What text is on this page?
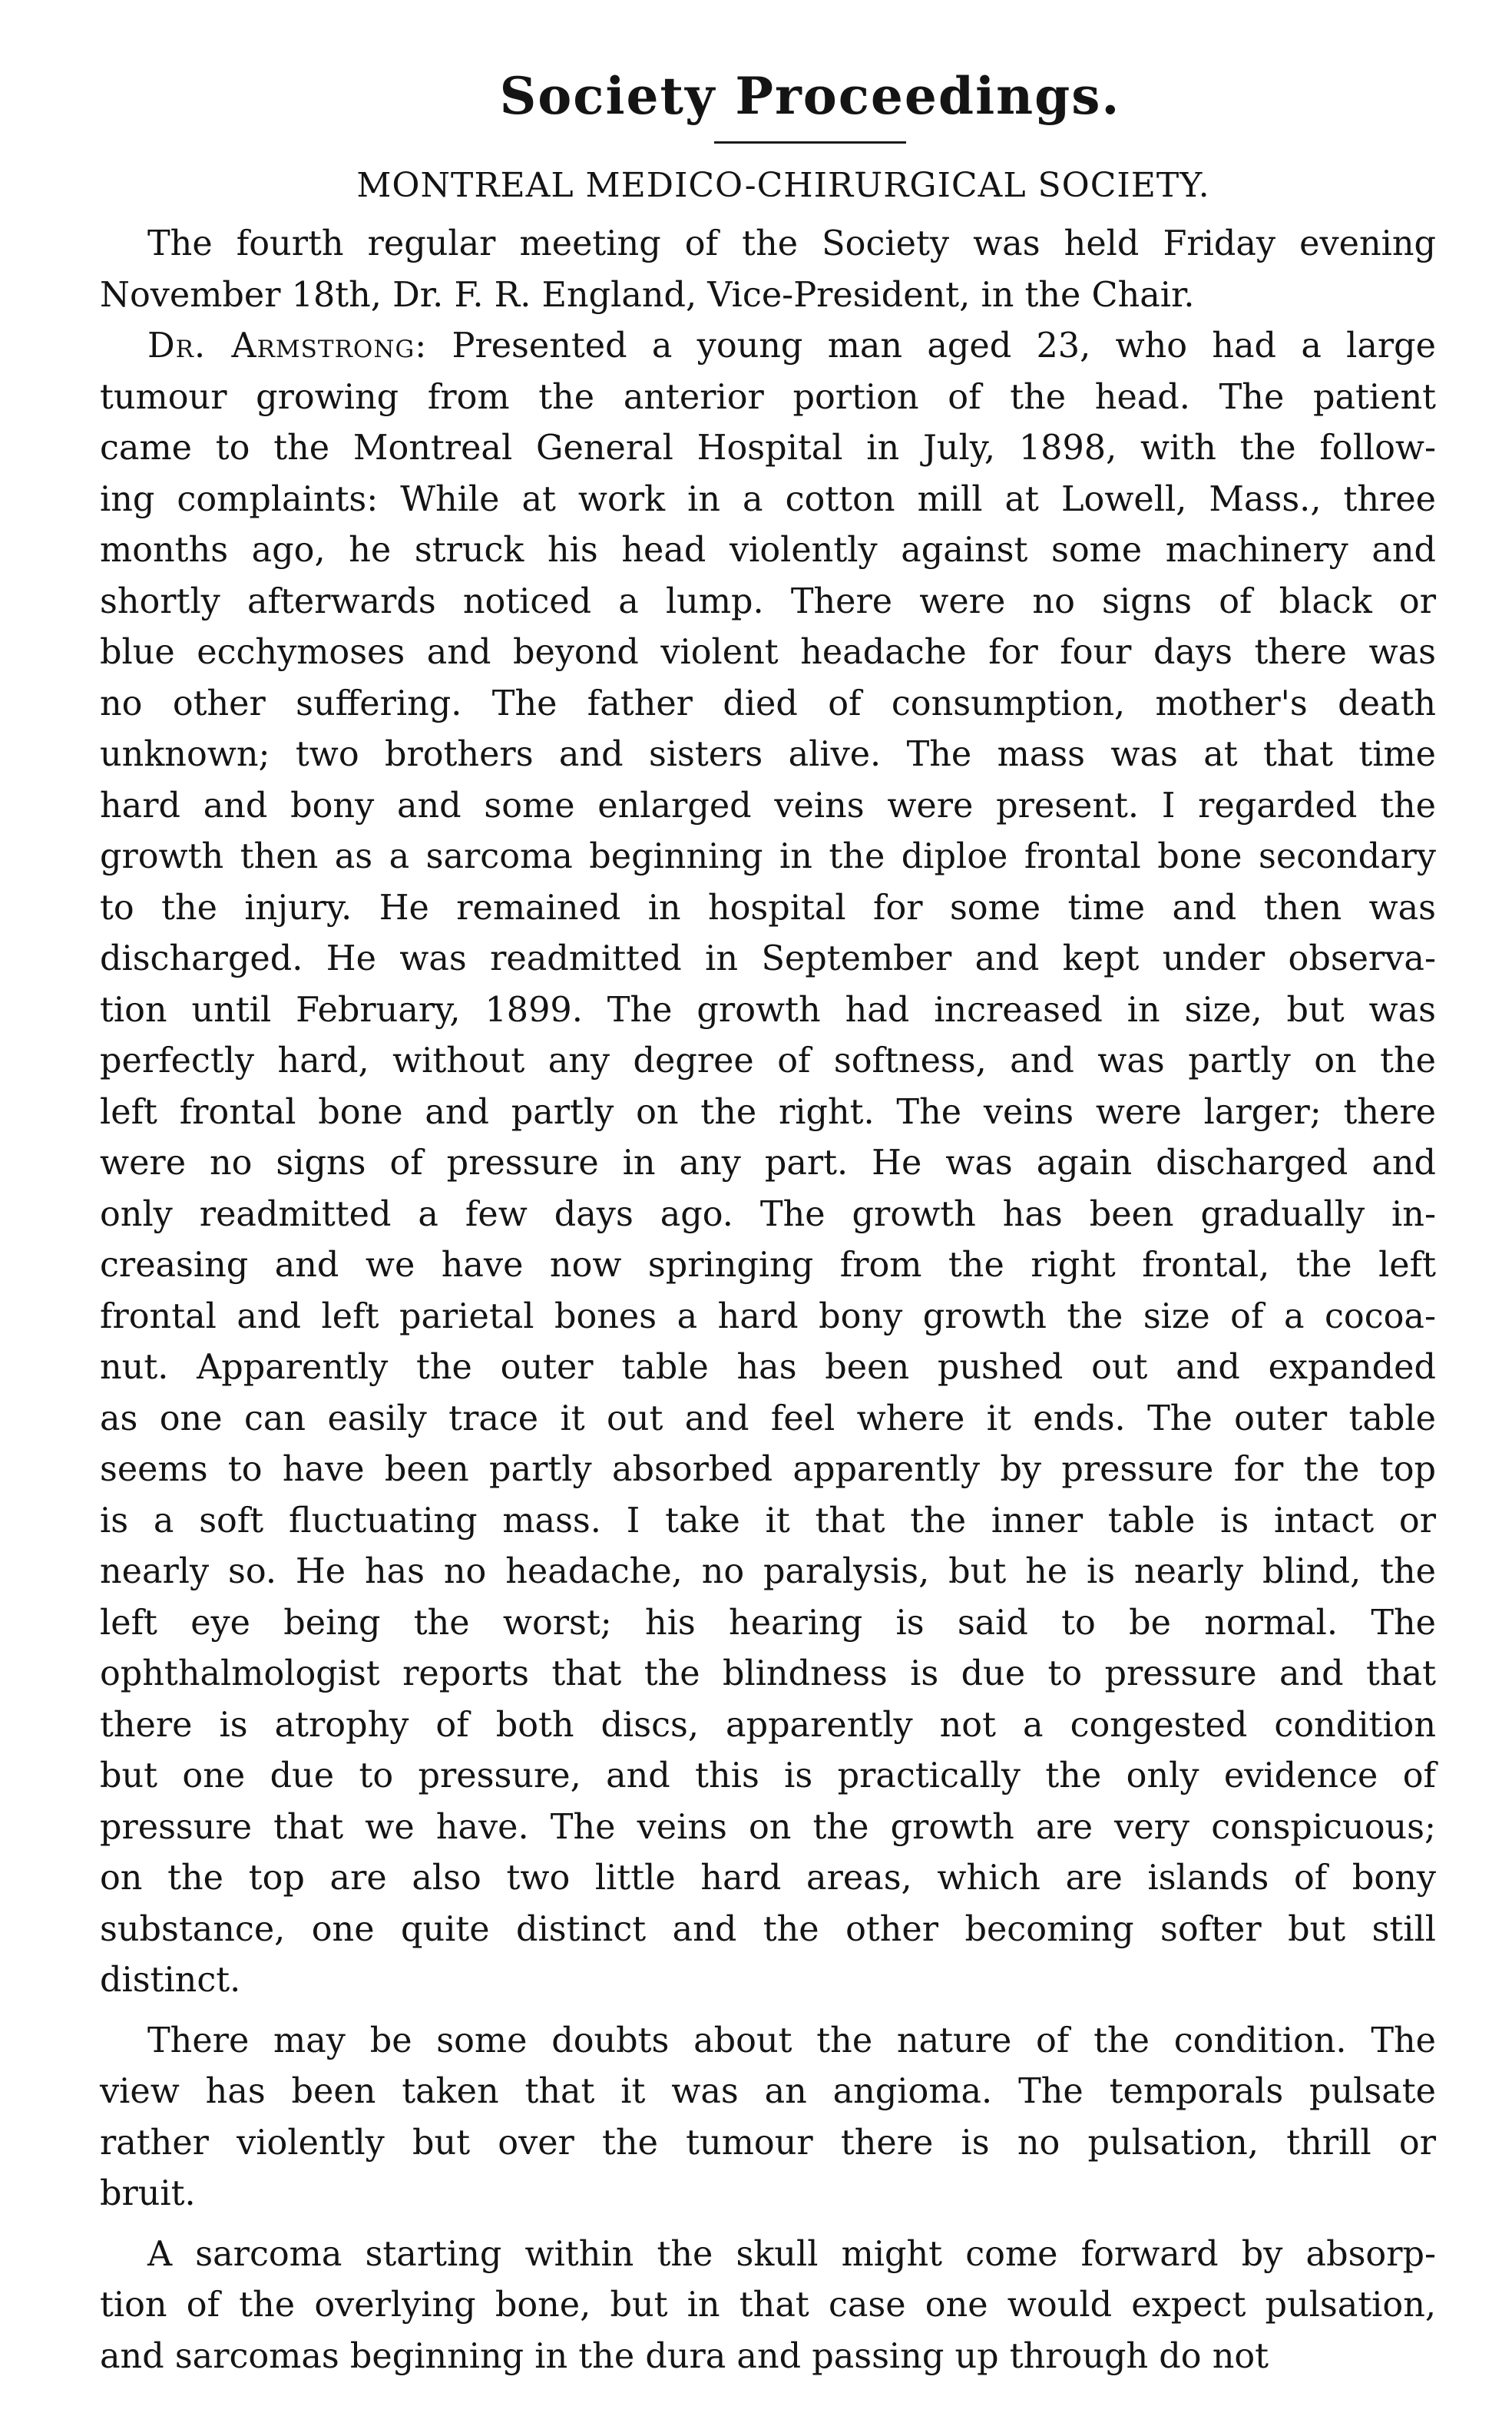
Society Proceedings.
MONTREAL MEDICO-CHIRURGICAL SOCIETY.

The fourth regular meeting of the Society was held Friday evening
November 18th, Dr. F. R. England, Vice-President, in the Chair.

Dr. Armstrong: Presented a young man aged 23, who had a large
tumour growing from the anterior portion of the head. The patient
came to the Montreal General Hospital in July, 1898, with the follow-
ing complaints: While at work in a cotton mill at Lowell, Mass., three
months ago, he struck his head violently against some machinery and
shortly afterwards noticed a lump. There were no signs of black or
blue ecchymoses and beyond violent headache for four days there was
no other suffering. The father died of consumption, mother's death
unknown; two brothers and sisters alive. The mass was at that time
hard and bony and some enlarged veins were present. I regarded the
growth then as a sarcoma beginning in the diploe frontal bone secondary
to the injury. He remained in hospital for some time and then was
discharged. He was readmitted in September and kept under observa-
tion until February, 1899. The growth had increased in size, but was
perfectly hard, without any degree of softness, and was partly on the
left frontal bone and partly on the right. The veins were larger; there
were no signs of pressure in any part. He was again discharged and
only readmitted a few days ago. The growth has been gradually in-
creasing and we have now springing from the right frontal, the left
frontal and left parietal bones a hard bony growth the size of a cocoa-
nut. Apparently the outer table has been pushed out and expanded
as one can easily trace it out and feel where it ends. The outer table
seems to have been partly absorbed apparently by pressure for the top
is a soft fluctuating mass. I take it that the inner table is intact or
nearly so. He has no headache, no paralysis, but he is nearly blind, the
left eye being the worst; his hearing is said to be normal. The
ophthalmologist reports that the blindness is due to pressure and that
there is atrophy of both discs, apparently not a congested condition
but one due to pressure, and this is practically the only evidence of
pressure that we have. The veins on the growth are very conspicuous;
on the top are also two little hard areas, which are islands of bony
substance, one quite distinct and the other becoming softer but still
distinct.

There may be some doubts about the nature of the condition. The
view has been taken that it was an angioma. The temporals pulsate
rather violently but over the tumour there is no pulsation, thrill or
bruit.

A sarcoma starting within the skull might come forward by absorp-
tion of the overlying bone, but in that case one would expect pulsation,
and sarcomas beginning in the dura and passing up through do not
